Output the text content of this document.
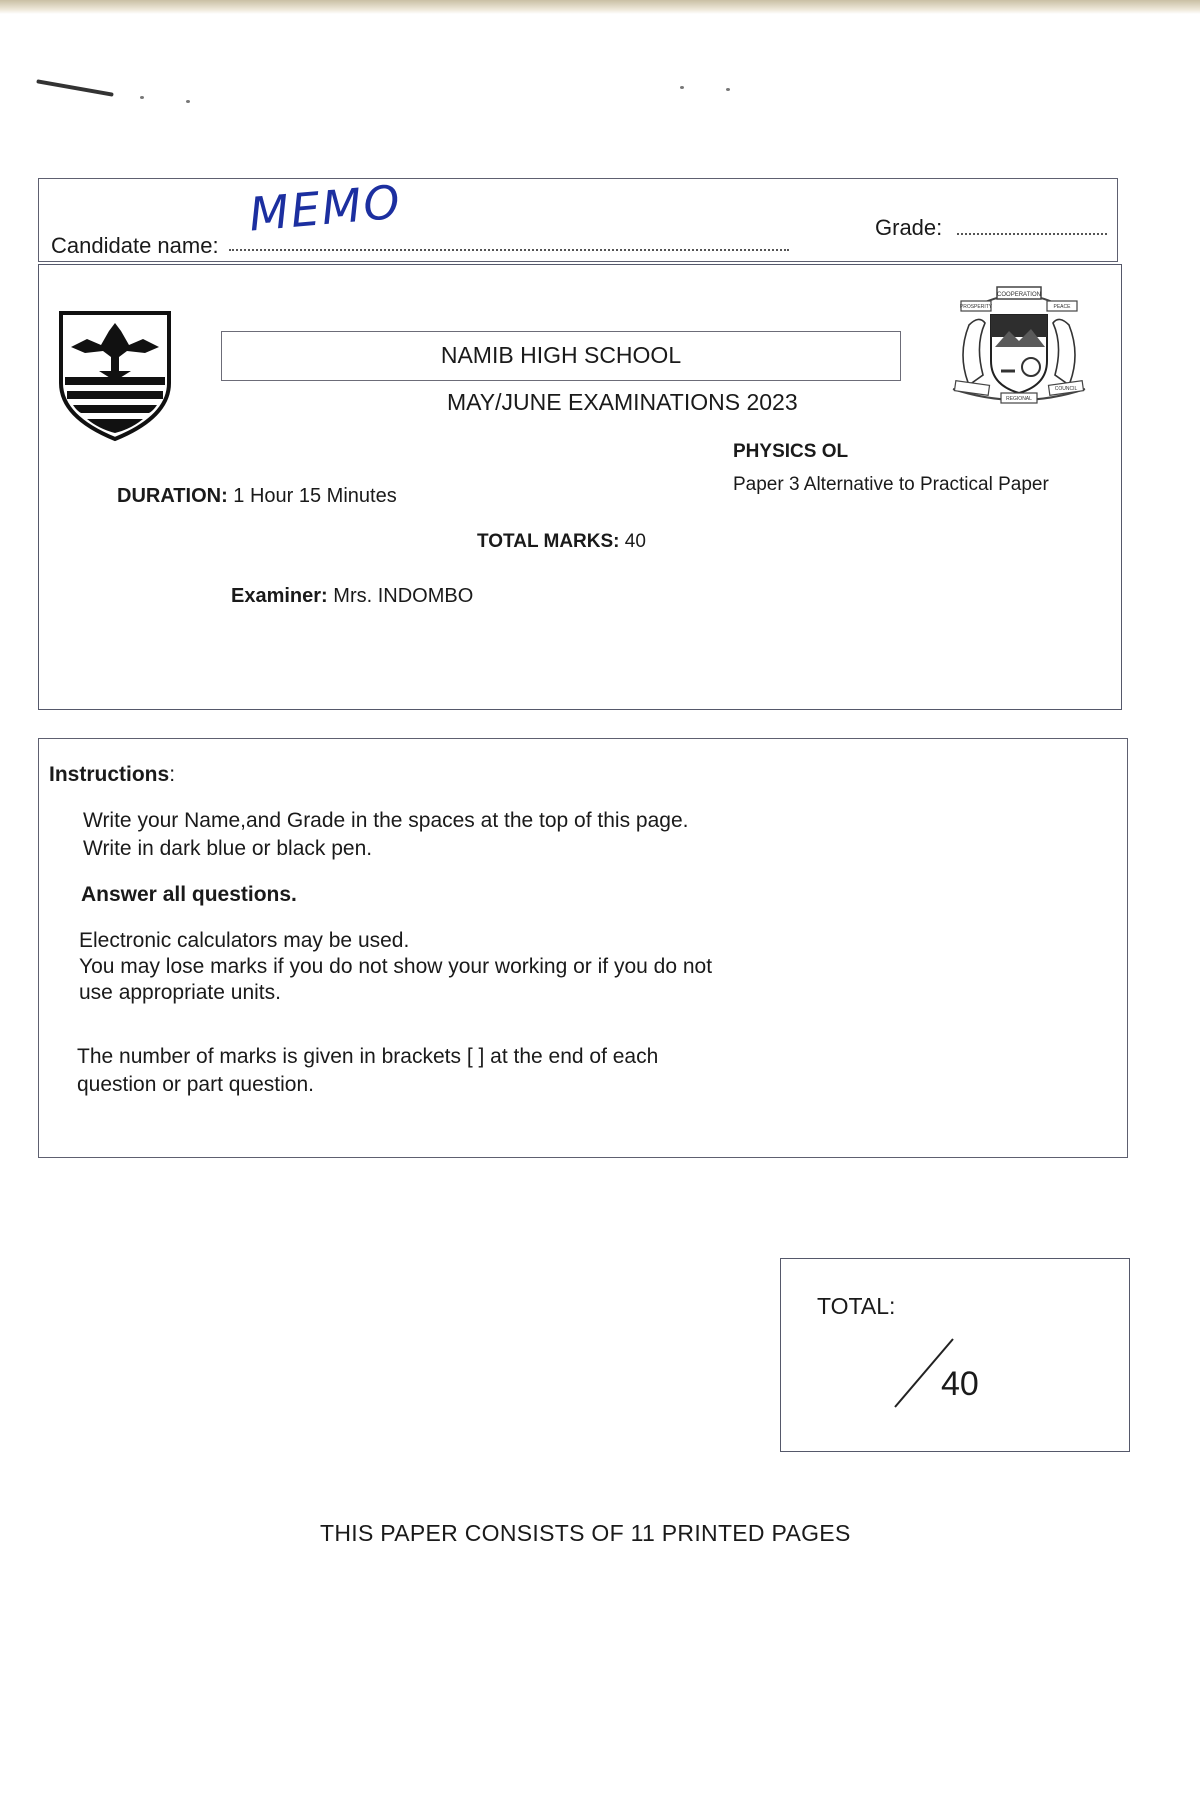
Candidate name:
MEMO	Grade:
NAMIB HIGH SCHOOL
MAY/JUNE EXAMINATIONS 2023
COOPERATION
PROSPERITY	PEACE
REGIONAL
COUNCIL
PHYSICS OL
Paper 3 Alternative to Practical Paper
DURATION: 1 Hour 15 Minutes
TOTAL MARKS: 40
Examiner: Mrs. INDOMBO
Instructions:
Write your Name,and Grade in the spaces at the top of this page.
Write in dark blue or black pen.
Answer all questions.
Electronic calculators may be used.
You may lose marks if you do not show your working or if you do not
use appropriate units.
The number of marks is given in brackets [ ] at the end of each
question or part question.
TOTAL:
40
THIS PAPER CONSISTS OF 11 PRINTED PAGES
